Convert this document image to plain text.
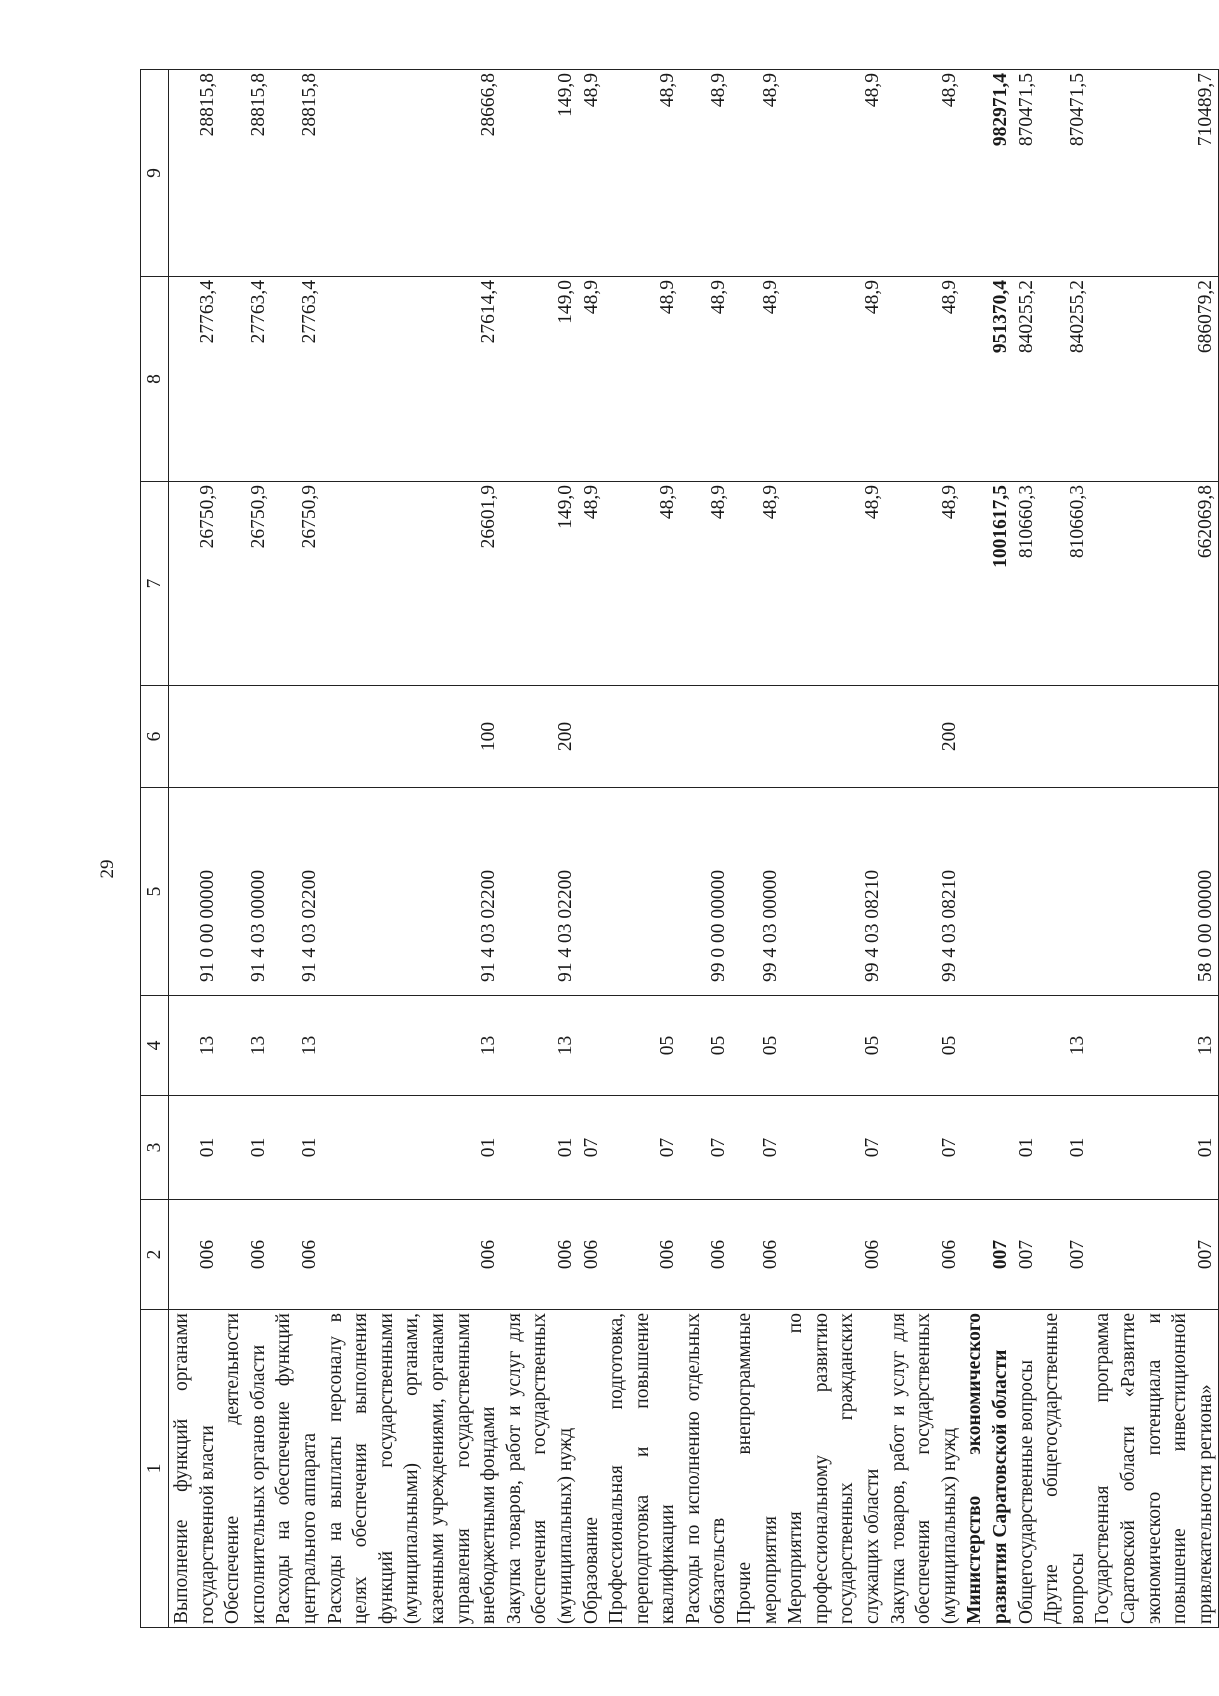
29
1	2	3	4	5	6	7	8	9
Выполнение функций органами государственной власти	006	01	13	91 0 00 00000		26750,9	27763,4	28815,8
Обеспечение деятельности исполнительных органов области	006	01	13	91 4 03 00000		26750,9	27763,4	28815,8
Расходы на обеспечение функций центрального аппарата	006	01	13	91 4 03 02200		26750,9	27763,4	28815,8
Расходы на выплаты персоналу в целях обеспечения выполнения функций государственными (муниципальными) органами, казенными учреждениями, органами управления государственными внебюджетными фондами	006	01	13	91 4 03 02200	100	26601,9	27614,4	28666,8
Закупка товаров, работ и услуг для обеспечения государственных (муниципальных) нужд	006	01	13	91 4 03 02200	200	149,0	149,0	149,0
Образование	006	07				48,9	48,9	48,9
Профессиональная подготовка, переподготовка и повышение квалификации	006	07	05			48,9	48,9	48,9
Расходы по исполнению отдельных обязательств	006	07	05	99 0 00 00000		48,9	48,9	48,9
Прочие внепрограммные мероприятия	006	07	05	99 4 03 00000		48,9	48,9	48,9
Мероприятия по профессиональному развитию государственных гражданских служащих области	006	07	05	99 4 03 08210		48,9	48,9	48,9
Закупка товаров, работ и услуг для обеспечения государственных (муниципальных) нужд	006	07	05	99 4 03 08210	200	48,9	48,9	48,9
Министерство экономического развития Саратовской области	007					1001617,5	951370,4	982971,4
Общегосударственные вопросы	007	01				810660,3	840255,2	870471,5
Другие общегосударственные вопросы	007	01	13			810660,3	840255,2	870471,5
Государственная программа Саратовской области «Развитие экономического потенциала и повышение инвестиционной привлекательности региона»	007	01	13	58 0 00 00000		662069,8	686079,2	710489,7
